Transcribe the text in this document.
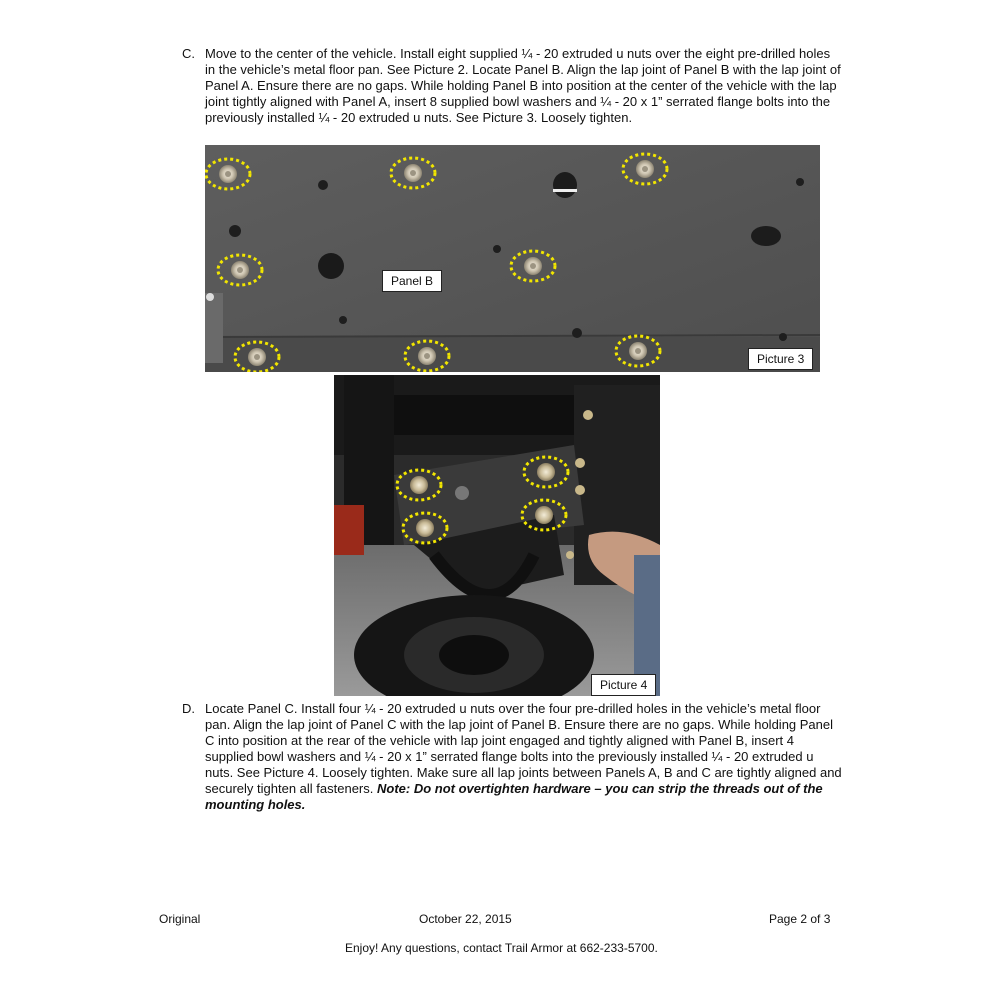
C. Move to the center of the vehicle. Install eight supplied ¼ - 20 extruded u nuts over the eight pre-drilled holes in the vehicle’s metal floor pan. See Picture 2. Locate Panel B. Align the lap joint of Panel B with the lap joint of Panel A. Ensure there are no gaps. While holding Panel B into position at the center of the vehicle with the lap joint tightly aligned with Panel A, insert 8 supplied bowl washers and ¼ - 20 x 1” serrated flange bolts into the previously installed ¼ - 20 extruded u nuts. See Picture 3. Loosely tighten.
Panel B
Picture 3
Picture 4
D. Locate Panel C. Install four ¼ - 20 extruded u nuts over the four pre-drilled holes in the vehicle’s metal floor pan. Align the lap joint of Panel C with the lap joint of Panel B. Ensure there are no gaps. While holding Panel C into position at the rear of the vehicle with lap joint engaged and tightly aligned with Panel B, insert 4 supplied bowl washers and ¼ - 20 x 1” serrated flange bolts into the previously installed ¼ - 20 extruded u nuts. See Picture 4. Loosely tighten. Make sure all lap joints between Panels A, B and C are tightly aligned and securely tighten all fasteners. Note: Do not overtighten hardware – you can strip the threads out of the mounting holes.
Original	October 22, 2015	Page 2 of 3
Enjoy! Any questions, contact Trail Armor at 662-233-5700.
